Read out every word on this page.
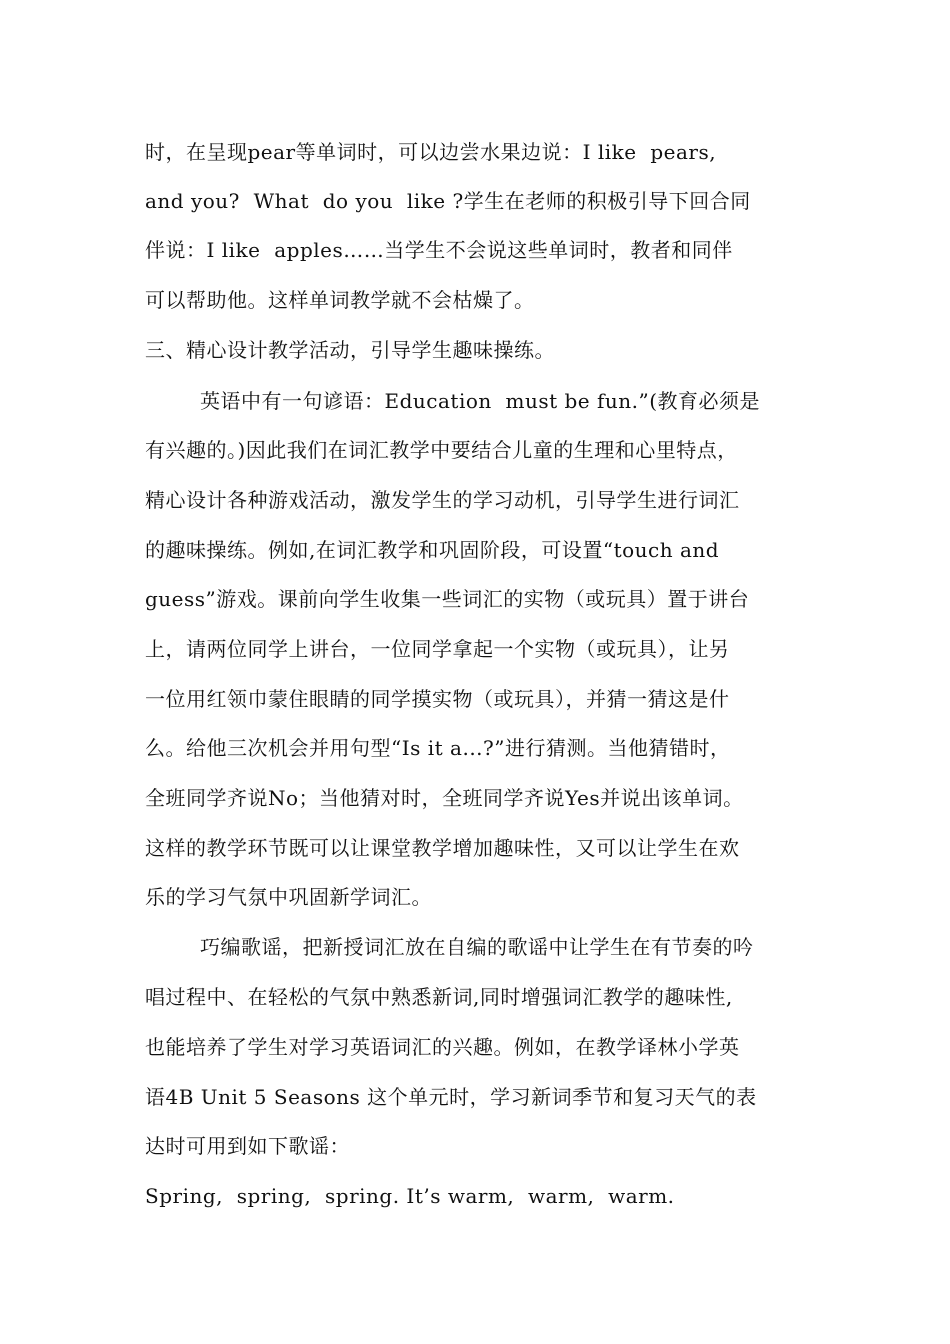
时，在呈现pear等单词时，可以边尝水果边说：I like  pears,
and you?  What  do you  like ?学生在老师的积极引导下回合同
伴说：I like  apples……当学生不会说这些单词时，教者和同伴
可以帮助他。这样单词教学就不会枯燥了。
三、精心设计教学活动，引导学生趣味操练。
英语中有一句谚语：Education  must be fun.”(教育必须是
有兴趣的。)因此我们在词汇教学中要结合儿童的生理和心里特点，
精心设计各种游戏活动，激发学生的学习动机，引导学生进行词汇
的趣味操练。例如,在词汇教学和巩固阶段，可设置“touch and
guess”游戏。课前向学生收集一些词汇的实物（或玩具）置于讲台
上，请两位同学上讲台，一位同学拿起一个实物（或玩具），让另
一位用红领巾蒙住眼睛的同学摸实物（或玩具），并猜一猜这是什
么。给他三次机会并用句型“Is it a...?”进行猜测。当他猜错时，
全班同学齐说No；当他猜对时，全班同学齐说Yes并说出该单词。
这样的教学环节既可以让课堂教学增加趣味性，又可以让学生在欢
乐的学习气氛中巩固新学词汇。
巧编歌谣，把新授词汇放在自编的歌谣中让学生在有节奏的吟
唱过程中、在轻松的气氛中熟悉新词,同时增强词汇教学的趣味性,
也能培养了学生对学习英语词汇的兴趣。例如，在教学译林小学英
语4B Unit 5 Seasons 这个单元时，学习新词季节和复习天气的表
达时可用到如下歌谣：
Spring,  spring,  spring. It’s warm,  warm,  warm.
